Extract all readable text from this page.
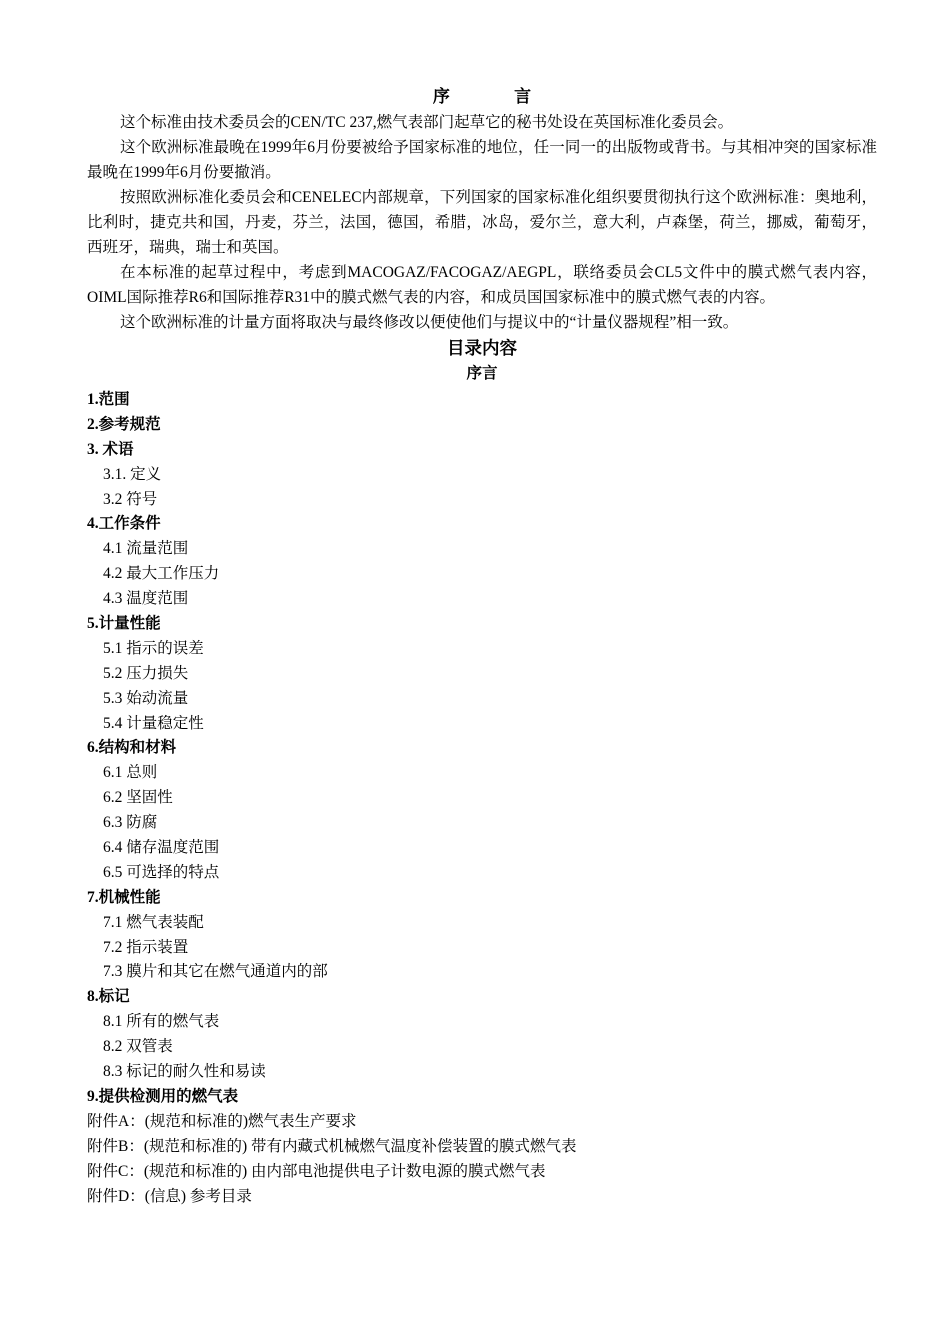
序 言

这个标准由技术委员会的CEN/TC 237,燃气表部门起草它的秘书处设在英国标准化委员会。

这个欧洲标准最晚在1999年6月份要被给予国家标准的地位，任一同一的出版物或背书。与其相冲突的国家标准最晚在1999年6月份要撤消。

按照欧洲标准化委员会和CENELEC内部规章，下列国家的国家标准化组织要贯彻执行这个欧洲标准：奥地利，比利时，捷克共和国，丹麦，芬兰，法国，德国，希腊，冰岛，爱尔兰，意大利，卢森堡，荷兰，挪威，葡萄牙，西班牙，瑞典，瑞士和英国。

在本标准的起草过程中，考虑到MACOGAZ/FACOGAZ/AEGPL，联络委员会CL5文件中的膜式燃气表内容，OIML国际推荐R6和国际推荐R31中的膜式燃气表的内容，和成员国国家标准中的膜式燃气表的内容。

这个欧洲标准的计量方面将取决与最终修改以便使他们与提议中的“计量仪器规程”相一致。

目录内容
序言
1.范围
2.参考规范
3. 术语
3.1. 定义
3.2 符号
4.工作条件
4.1 流量范围
4.2 最大工作压力
4.3 温度范围
5.计量性能
5.1 指示的误差
5.2 压力损失
5.3 始动流量
5.4 计量稳定性
6.结构和材料
6.1 总则
6.2 坚固性
6.3 防腐
6.4 储存温度范围
6.5 可选择的特点
7.机械性能
7.1 燃气表装配
7.2 指示装置
7.3 膜片和其它在燃气通道内的部
8.标记
8.1 所有的燃气表
8.2 双管表
8.3 标记的耐久性和易读
9.提供检测用的燃气表
附件A：(规范和标准的)燃气表生产要求
附件B：(规范和标准的) 带有内藏式机械燃气温度补偿装置的膜式燃气表
附件C：(规范和标准的) 由内部电池提供电子计数电源的膜式燃气表
附件D：(信息) 参考目录
